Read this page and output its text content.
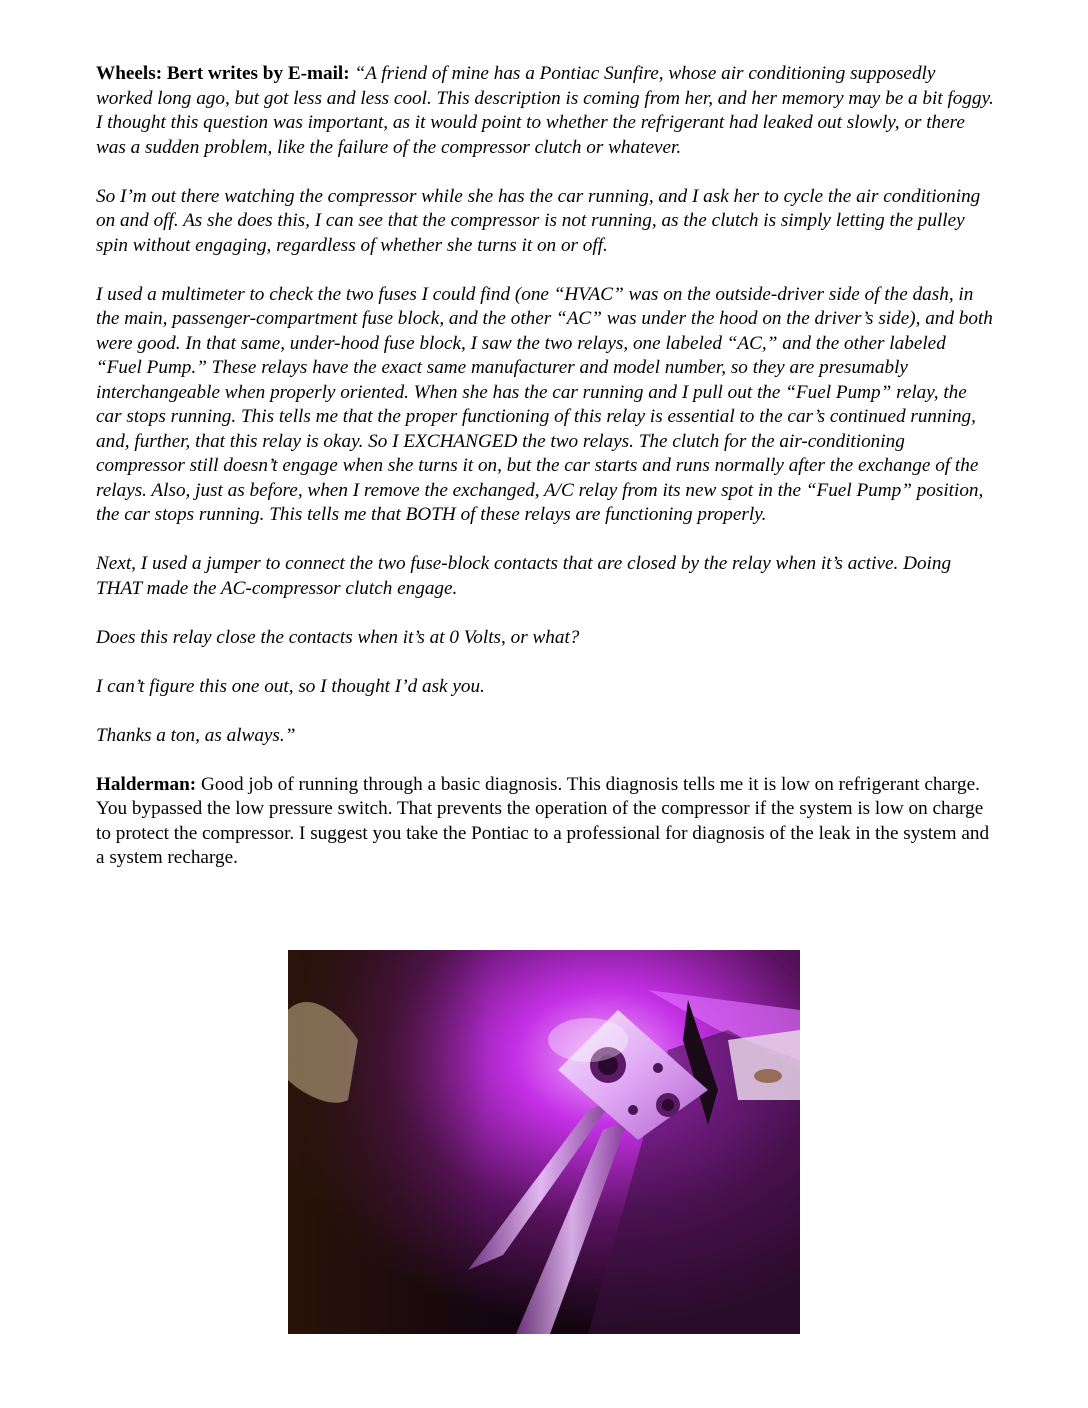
Wheels: Bert writes by E-mail: “A friend of mine has a Pontiac Sunfire, whose air conditioning supposedly worked long ago, but got less and less cool. This description is coming from her, and her memory may be a bit foggy. I thought this question was important, as it would point to whether the refrigerant had leaked out slowly, or there was a sudden problem, like the failure of the compressor clutch or whatever.

So I’m out there watching the compressor while she has the car running, and I ask her to cycle the air conditioning on and off. As she does this, I can see that the compressor is not running, as the clutch is simply letting the pulley spin without engaging, regardless of whether she turns it on or off.

I used a multimeter to check the two fuses I could find (one “HVAC” was on the outside-driver side of the dash, in the main, passenger-compartment fuse block, and the other “AC” was under the hood on the driver’s side), and both were good. In that same, under-hood fuse block, I saw the two relays, one labeled “AC,” and the other labeled “Fuel Pump.” These relays have the exact same manufacturer and model number, so they are presumably interchangeable when properly oriented. When she has the car running and I pull out the “Fuel Pump” relay, the car stops running. This tells me that the proper functioning of this relay is essential to the car’s continued running, and, further, that this relay is okay. So I EXCHANGED the two relays. The clutch for the air-conditioning compressor still doesn’t engage when she turns it on, but the car starts and runs normally after the exchange of the relays. Also, just as before, when I remove the exchanged, A/C relay from its new spot in the “Fuel Pump” position, the car stops running. This tells me that BOTH of these relays are functioning properly.

Next, I used a jumper to connect the two fuse-block contacts that are closed by the relay when it’s active. Doing THAT made the AC-compressor clutch engage.

Does this relay close the contacts when it’s at 0 Volts, or what?

I can’t figure this one out, so I thought I’d ask you.

Thanks a ton, as always.”

Halderman: Good job of running through a basic diagnosis. This diagnosis tells me it is low on refrigerant charge. You bypassed the low pressure switch. That prevents the operation of the compressor if the system is low on charge to protect the compressor. I suggest you take the Pontiac to a professional for diagnosis of the leak in the system and a system recharge.
